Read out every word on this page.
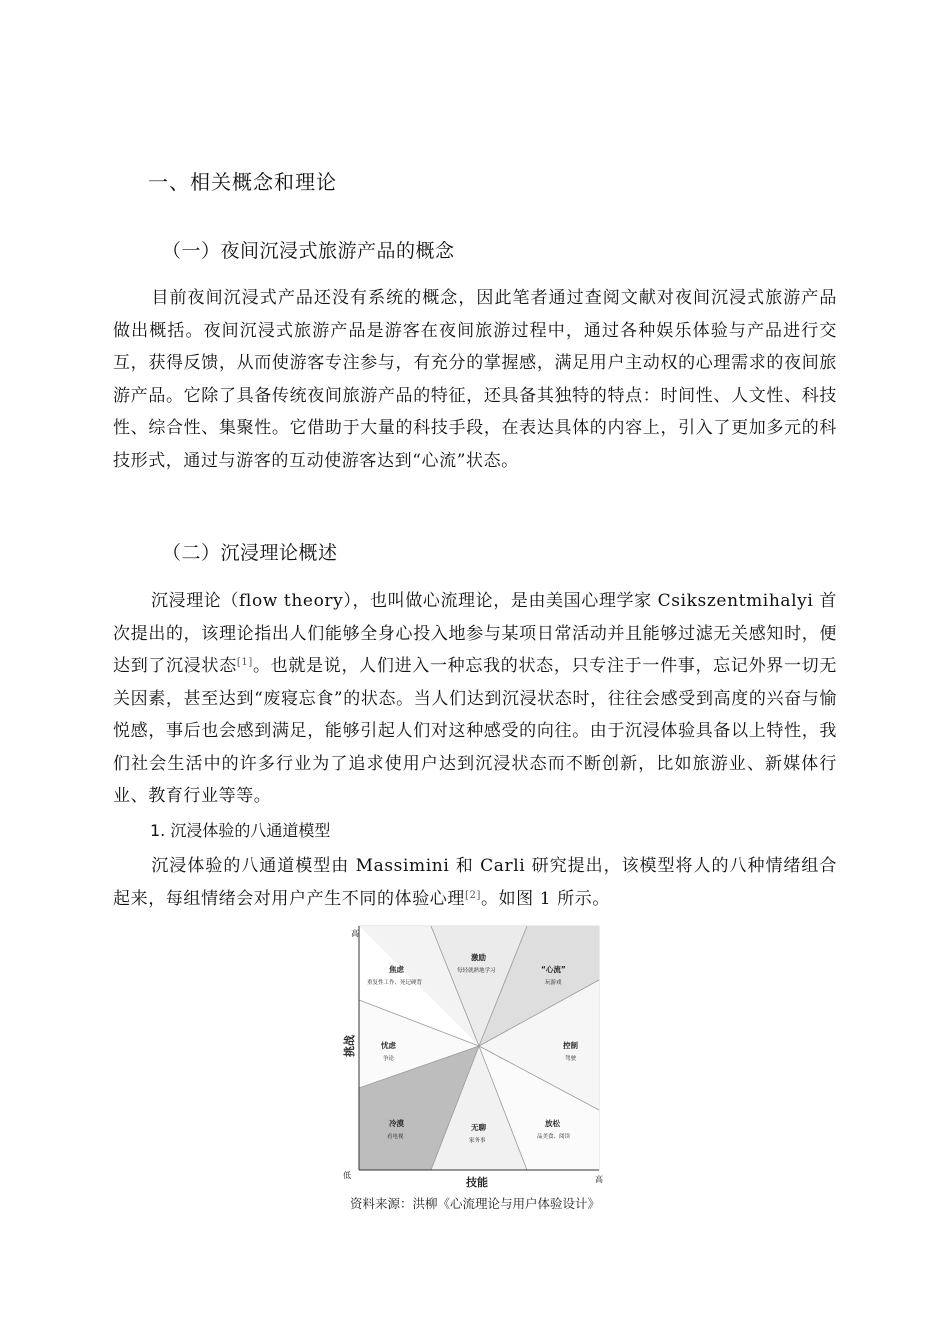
一、相关概念和理论
（一）夜间沉浸式旅游产品的概念

目前夜间沉浸式产品还没有系统的概念，因此笔者通过查阅文献对夜间沉浸式旅游产品做出概括。夜间沉浸式旅游产品是游客在夜间旅游过程中，通过各种娱乐体验与产品进行交互，获得反馈，从而使游客专注参与，有充分的掌握感，满足用户主动权的心理需求的夜间旅游产品。它除了具备传统夜间旅游产品的特征，还具备其独特的特点：时间性、人文性、科技性、综合性、集聚性。它借助于大量的科技手段，在表达具体的内容上，引入了更加多元的科技形式，通过与游客的互动使游客达到“心流”状态。

（二）沉浸理论概述

沉浸理论（flow theory），也叫做心流理论，是由美国心理学家 Csikszentmihalyi 首次提出的，该理论指出人们能够全身心投入地参与某项日常活动并且能够过滤无关感知时，便达到了沉浸状态[1]。也就是说，人们进入一种忘我的状态，只专注于一件事，忘记外界一切无关因素，甚至达到“废寝忘食”的状态。当人们达到沉浸状态时，往往会感受到高度的兴奋与愉悦感，事后也会感到满足，能够引起人们对这种感受的向往。由于沉浸体验具备以上特性，我们社会生活中的许多行业为了追求使用户达到沉浸状态而不断创新，比如旅游业、新媒体行业、教育行业等等。

1. 沉浸体验的八通道模型

沉浸体验的八通道模型由 Massimini 和 Carli 研究提出，该模型将人的八种情绪组合起来，每组情绪会对用户产生不同的体验心理[2]。如图 1 所示。

高
低	高
技能
挑战
焦虑
重复性工作、死记硬背
激励
每轻就熟地学习	“心流”
玩游戏
忧虑
争论
控制
驾驶
冷漠
看电视
无聊
家务事
放松
品美食、阅读
资料来源：洪柳《心流理论与用户体验设计》
